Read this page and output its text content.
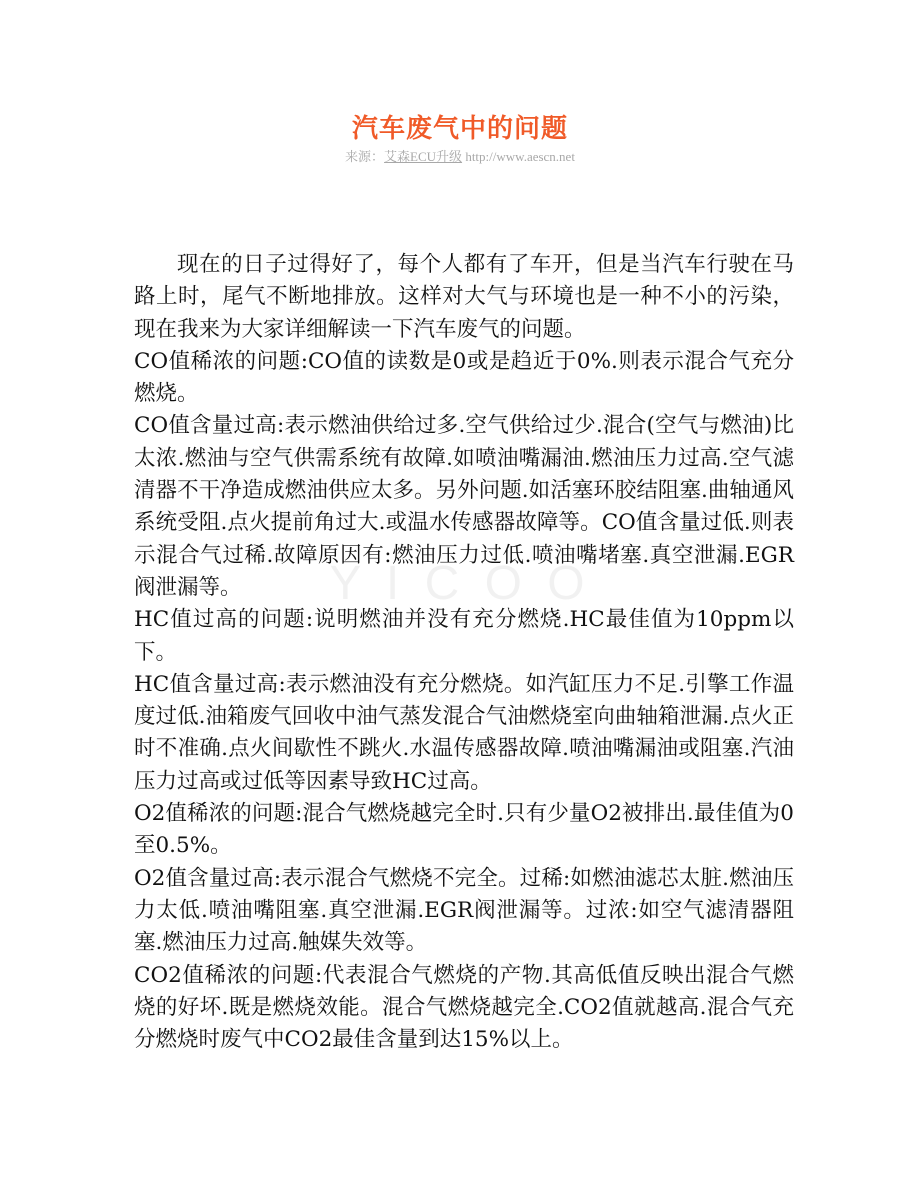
汽车废气中的问题
来源：艾森ECU升级 http://www.aescn.net
Y I C O O

现在的日子过得好了，每个人都有了车开，但是当汽车行驶在马路上时，尾气不断地排放。这样对大气与环境也是一种不小的污染，现在我来为大家详细解读一下汽车废气的问题。

CO值稀浓的问题:CO值的读数是0或是趋近于0%.则表示混合气充分燃烧。

CO值含量过高:表示燃油供给过多.空气供给过少.混合(空气与燃油)比太浓.燃油与空气供需系统有故障.如喷油嘴漏油.燃油压力过高.空气滤清器不干净造成燃油供应太多。另外问题.如活塞环胶结阻塞.曲轴通风系统受阻.点火提前角过大.或温水传感器故障等。CO值含量过低.则表示混合气过稀.故障原因有:燃油压力过低.喷油嘴堵塞.真空泄漏.EGR阀泄漏等。

HC值过高的问题:说明燃油并没有充分燃烧.HC最佳值为10ppm以下。

HC值含量过高:表示燃油没有充分燃烧。如汽缸压力不足.引擎工作温度过低.油箱废气回收中油气蒸发混合气油燃烧室向曲轴箱泄漏.点火正时不准确.点火间歇性不跳火.水温传感器故障.喷油嘴漏油或阻塞.汽油压力过高或过低等因素导致HC过高。

O2值稀浓的问题:混合气燃烧越完全时.只有少量O2被排出.最佳值为0至0.5%。

O2值含量过高:表示混合气燃烧不完全。过稀:如燃油滤芯太脏.燃油压力太低.喷油嘴阻塞.真空泄漏.EGR阀泄漏等。过浓:如空气滤清器阻塞.燃油压力过高.触媒失效等。

CO2值稀浓的问题:代表混合气燃烧的产物.其高低值反映出混合气燃烧的好坏.既是燃烧效能。混合气燃烧越完全.CO2值就越高.混合气充分燃烧时废气中CO2最佳含量到达15%以上。
